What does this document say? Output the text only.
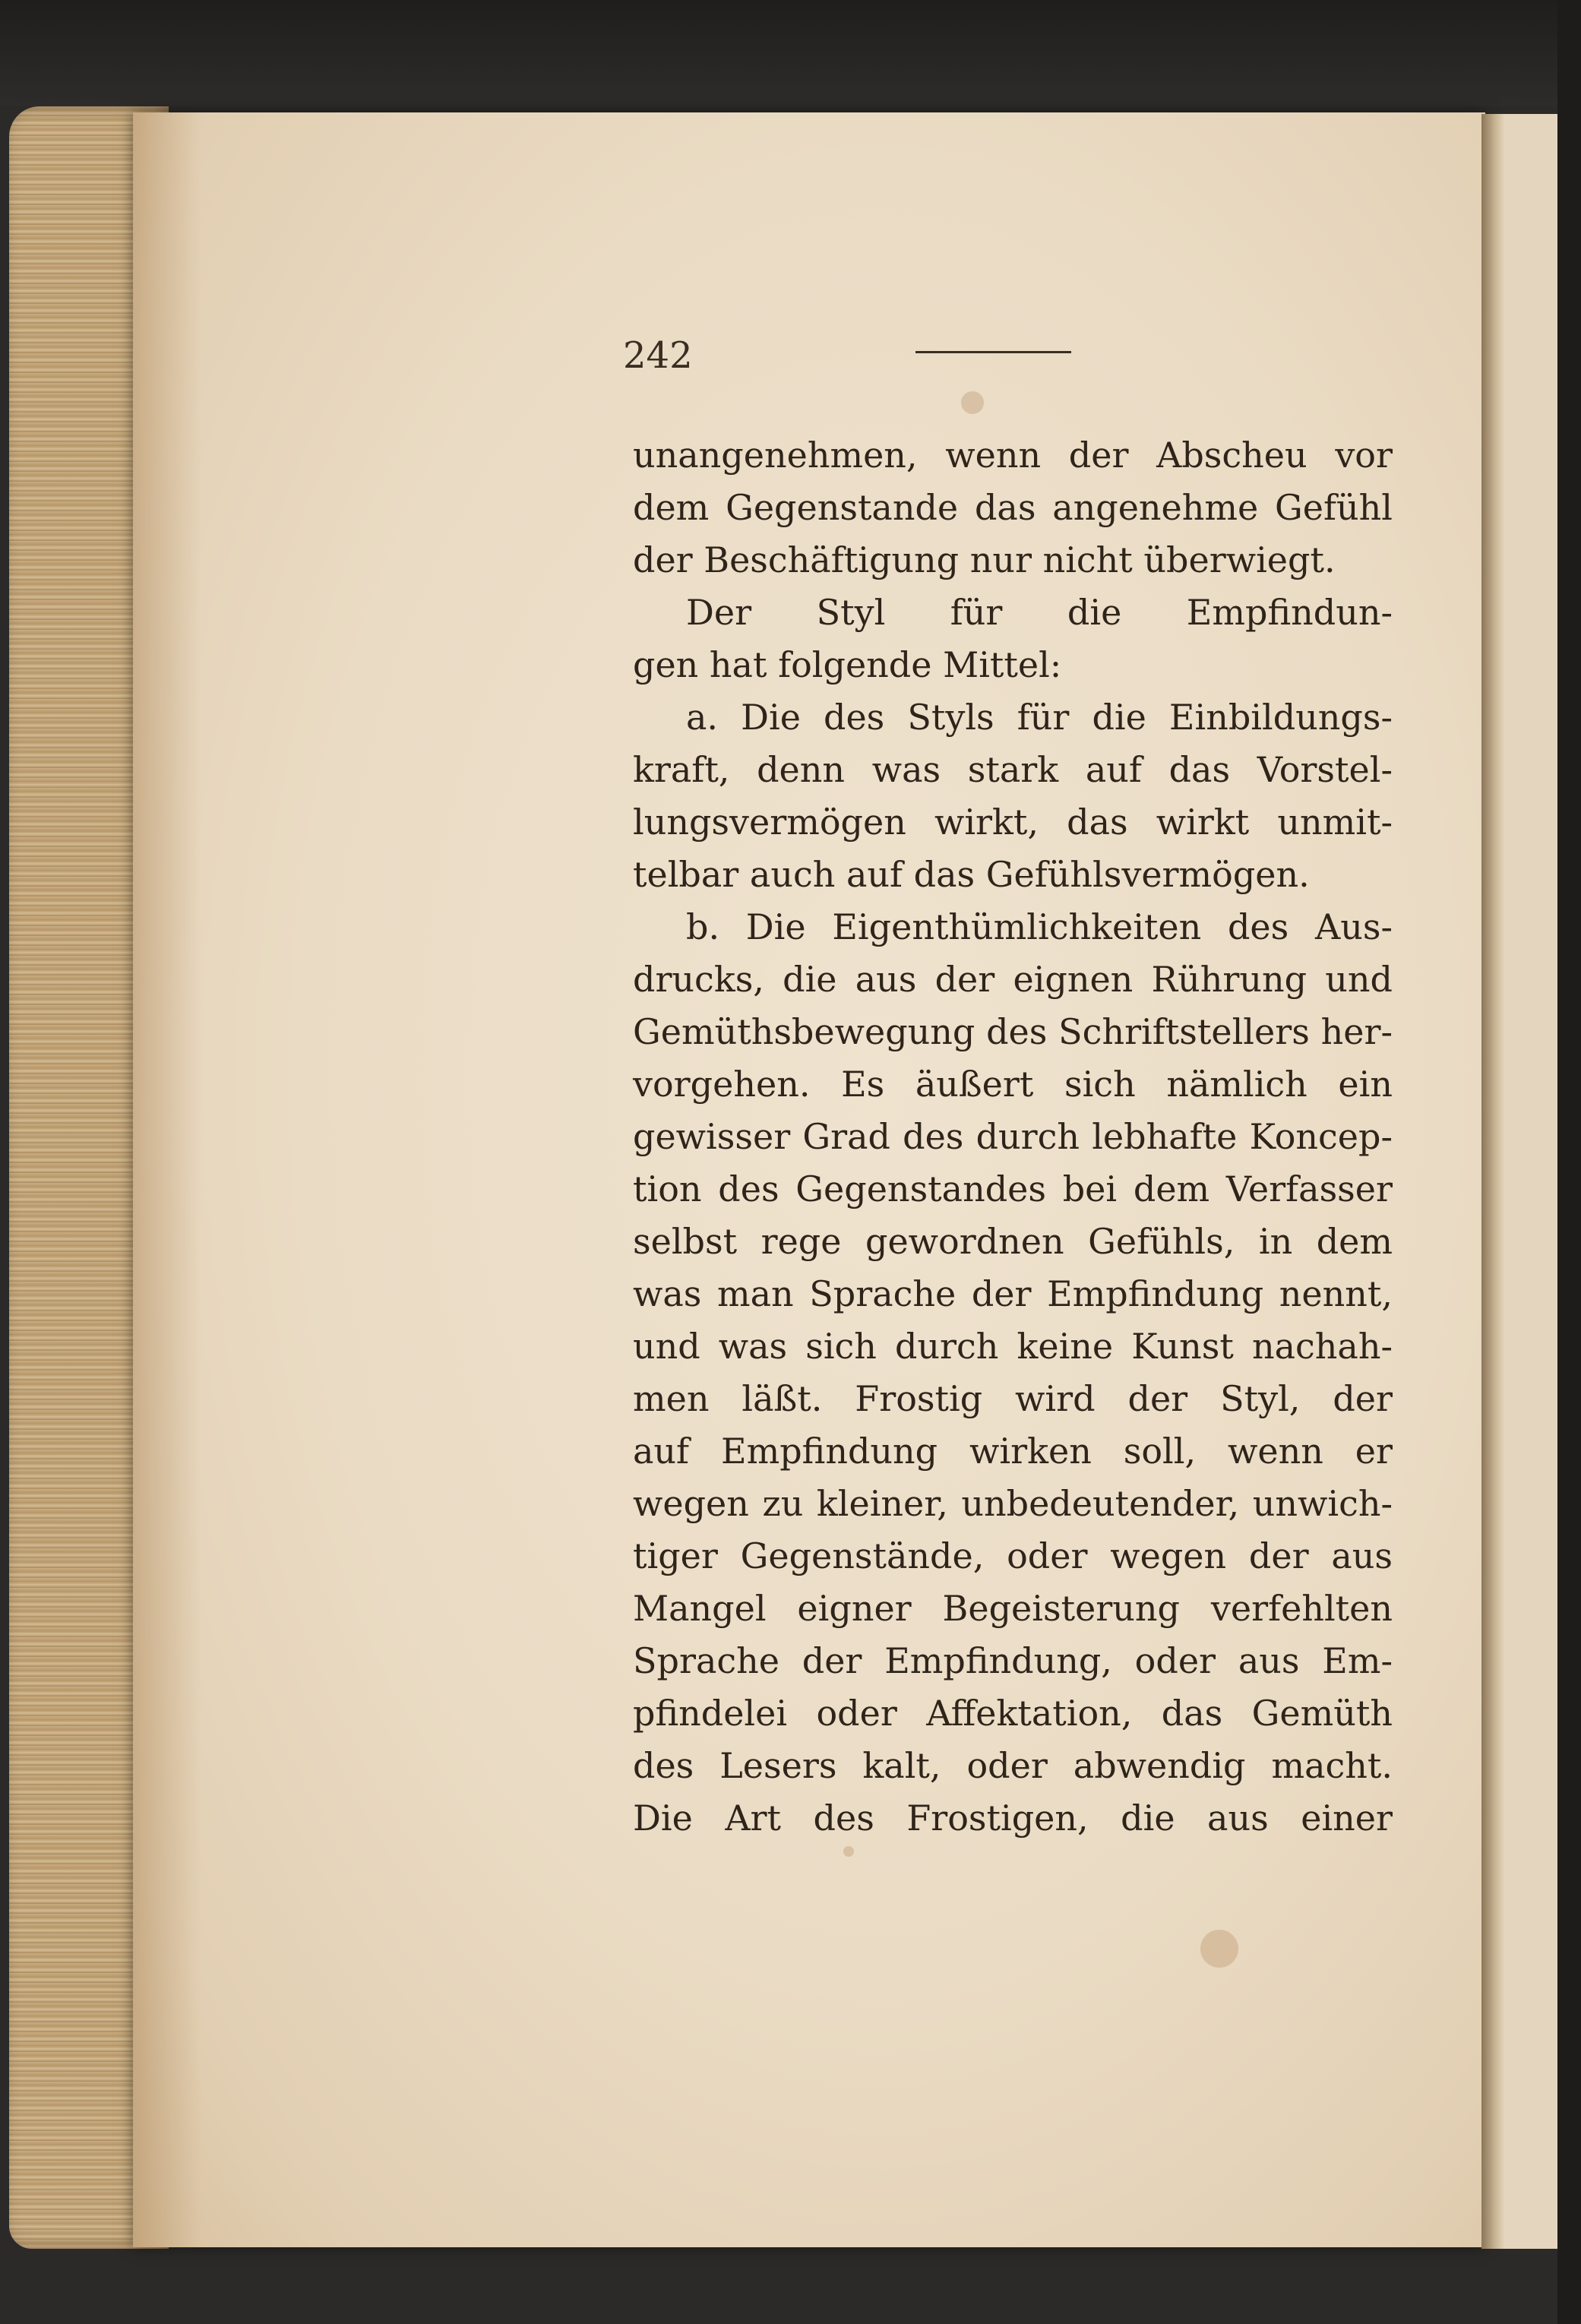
242
unangenehmen, wenn der Abscheu vor
dem Gegenstande das angenehme Gefühl
der Beschäftigung nur nicht überwiegt.
Der Styl für die Empfindun-
gen hat folgende Mittel:
a. Die des Styls für die Einbildungs-
kraft, denn was stark auf das Vorstel-
lungsvermögen wirkt, das wirkt unmit-
telbar auch auf das Gefühlsvermögen.
b. Die Eigenthümlichkeiten des Aus-
drucks, die aus der eignen Rührung und
Gemüthsbewegung des Schriftstellers her-
vorgehen. Es äußert sich nämlich ein
gewisser Grad des durch lebhafte Koncep-
tion des Gegenstandes bei dem Verfasser
selbst rege gewordnen Gefühls, in dem
was man Sprache der Empfindung nennt,
und was sich durch keine Kunst nachah-
men läßt. Frostig wird der Styl, der
auf Empfindung wirken soll, wenn er
wegen zu kleiner, unbedeutender, unwich-
tiger Gegenstände, oder wegen der aus
Mangel eigner Begeisterung verfehlten
Sprache der Empfindung, oder aus Em-
pfindelei oder Affektation, das Gemüth
des Lesers kalt, oder abwendig macht.
Die Art des Frostigen, die aus einer
